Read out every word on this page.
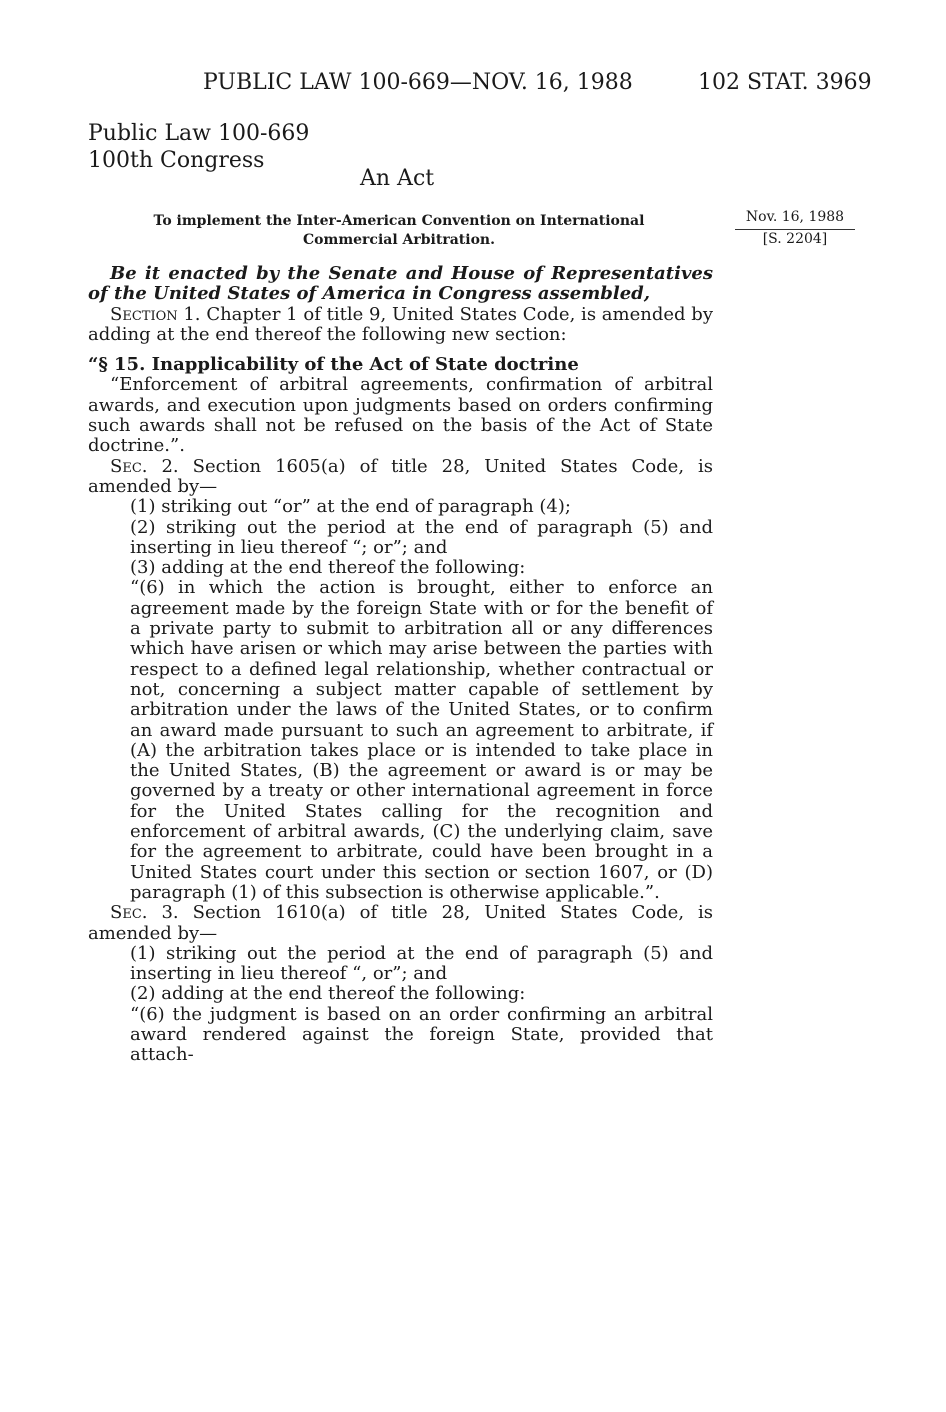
PUBLIC LAW 100-669—NOV. 16, 1988	102 STAT. 3969
Public Law 100-669
100th Congress
An Act
To implement the Inter-American Convention on International Commercial Arbitration.
Nov. 16, 1988
[S. 2204]

Be it enacted by the Senate and House of Representatives of the United States of America in Congress assembled,

Section 1. Chapter 1 of title 9, United States Code, is amended by adding at the end thereof the following new section:

“§ 15. Inapplicability of the Act of State doctrine

“Enforcement of arbitral agreements, confirmation of arbitral awards, and execution upon judgments based on orders confirming such awards shall not be refused on the basis of the Act of State doctrine.”.

Sec. 2. Section 1605(a) of title 28, United States Code, is amended by—

(1) striking out “or” at the end of paragraph (4);

(2) striking out the period at the end of paragraph (5) and inserting in lieu thereof “; or”; and

(3) adding at the end thereof the following:

“(6) in which the action is brought, either to enforce an agreement made by the foreign State with or for the benefit of a private party to submit to arbitration all or any differences which have arisen or which may arise between the parties with respect to a defined legal relationship, whether contractual or not, concerning a subject matter capable of settlement by arbitration under the laws of the United States, or to confirm an award made pursuant to such an agreement to arbitrate, if (A) the arbitration takes place or is intended to take place in the United States, (B) the agreement or award is or may be governed by a treaty or other international agreement in force for the United States calling for the recognition and enforcement of arbitral awards, (C) the underlying claim, save for the agreement to arbitrate, could have been brought in a United States court under this section or section 1607, or (D) paragraph (1) of this subsection is otherwise applicable.”.

Sec. 3. Section 1610(a) of title 28, United States Code, is amended by—

(1) striking out the period at the end of paragraph (5) and inserting in lieu thereof “, or”; and

(2) adding at the end thereof the following:

“(6) the judgment is based on an order confirming an arbitral award rendered against the foreign State, provided that attach-
